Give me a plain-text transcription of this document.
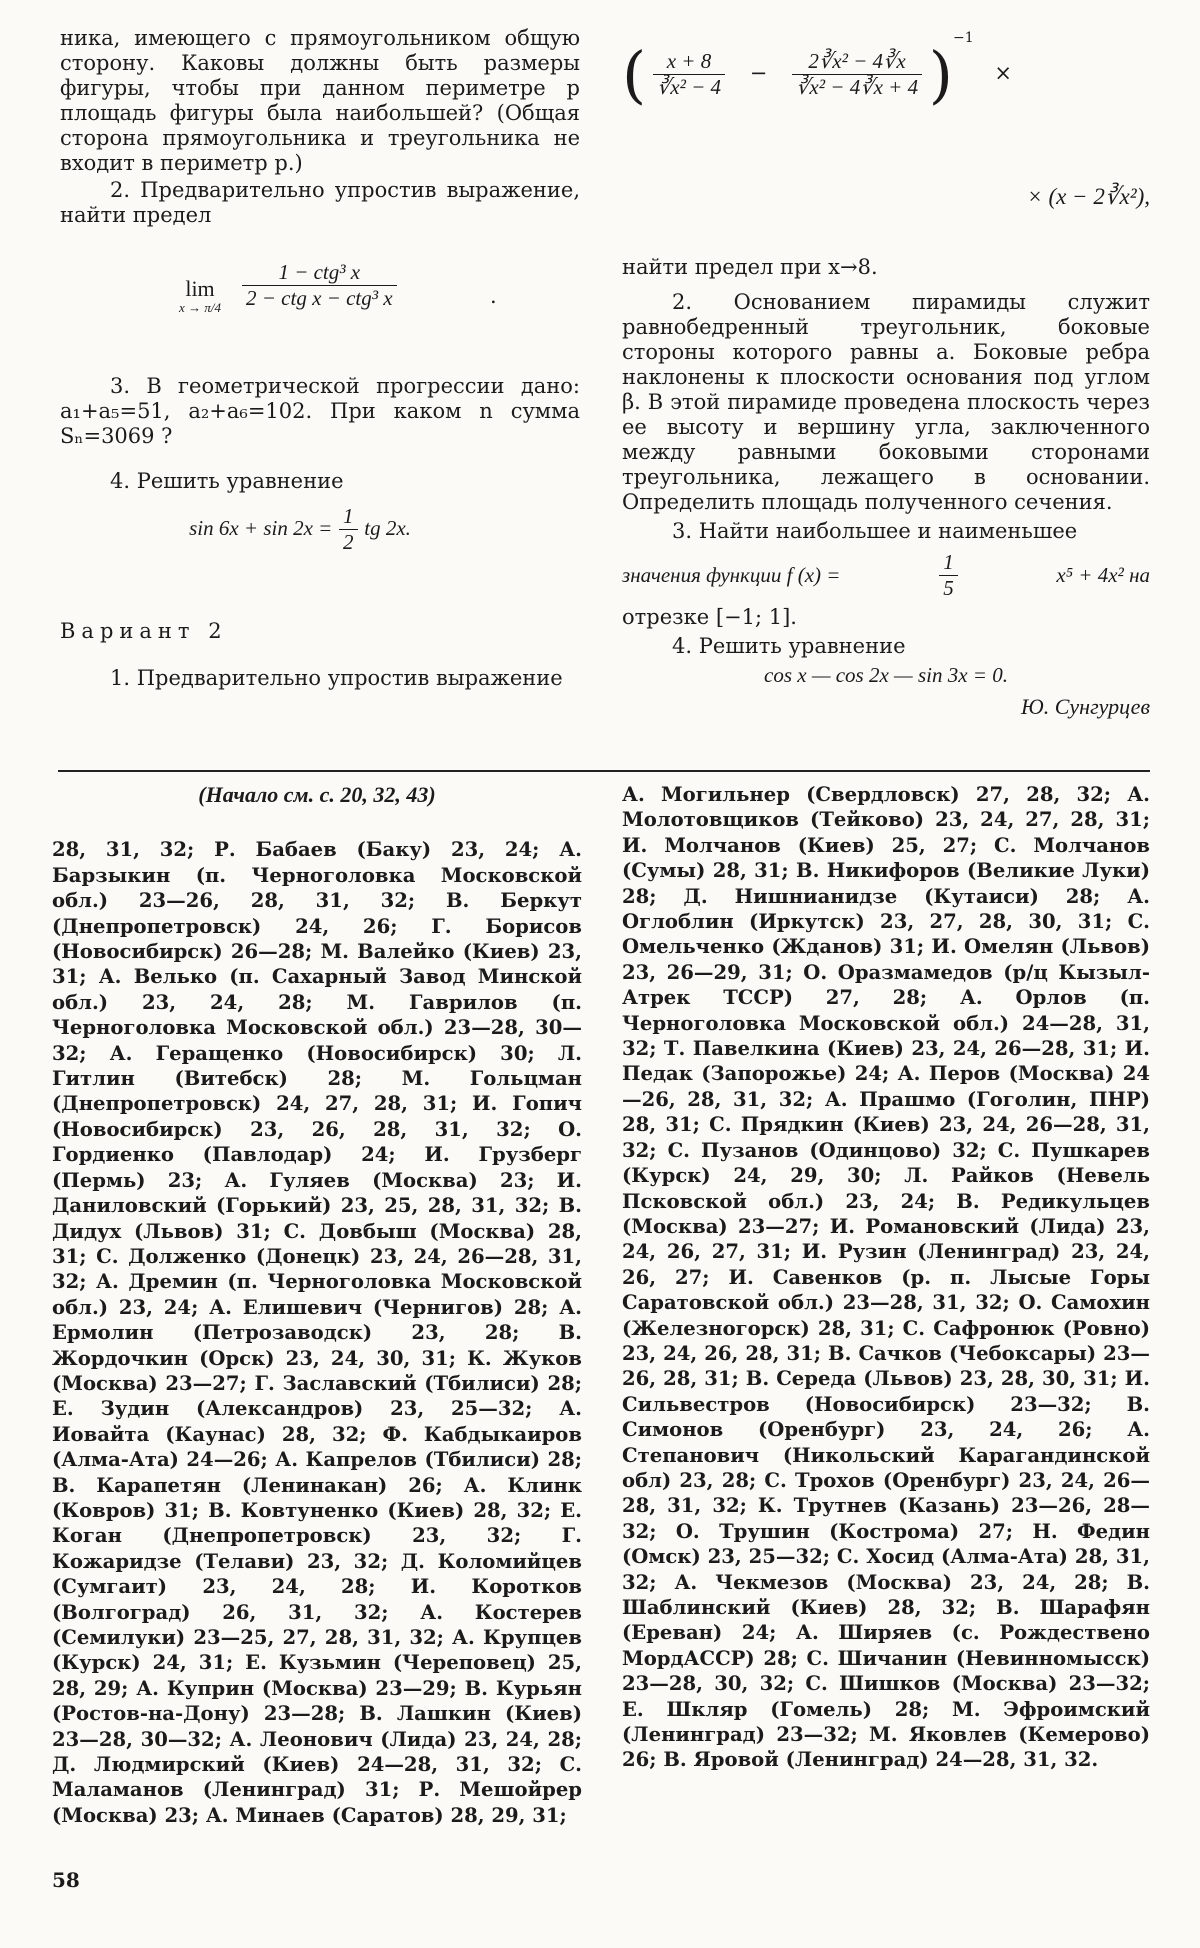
ника, имеющего с прямоугольником общую сторону. Каковы должны быть размеры фигуры, чтобы при данном периметре p площадь фигуры была наибольшей? (Общая сторона прямоугольника и треугольника не входит в периметр p.)

2. Предварительно упростив выражение, найти предел

lim
x → π/4
1 − ctg³ x
2 − ctg x − ctg³ x	.

3. В геометрической прогрессии дано: a₁+a₅=51, a₂+a₆=102. При каком n сумма Sₙ=3069 ?

4. Решить уравнение

$\sin 6x + \sin 2x = \frac{1}{2}$ tg 2x.

Вариант 2

1. Предварительно упростив выражение

( $\frac{x + 8}{\text{∛x² − 4}} - \frac{\text{2∛x² − 4∛x}}{\text{∛x² − 4∛x + 4}} )^{-1}$ ×
× (x − 2∛x²),

найти предел при x→8.

2. Основанием пирамиды служит равнобедренный треугольник, боковые стороны которого равны a. Боковые ребра наклонены к плоскости основания под углом β. В этой пирамиде проведена плоскость через ее высоту и вершину угла, заключенного между равными боковыми сторонами треугольника, лежащего в основании. Определить площадь полученного сечения.

3. Найти наибольшее и наименьшее

значения функции f (x) =	$\frac{1}{5}$	x⁵ + 4x² на

отрезке [−1; 1].

4. Решить уравнение

cos x — cos 2x — sin 3x = 0.
Ю. Сунгурцев
(Начало см. с. 20, 32, 43)
28, 31, 32; Р. Бабаев (Баку) 23, 24; А. Барзыкин (п. Черноголовка Московской обл.) 23—26, 28, 31, 32; В. Беркут (Днепропетровск) 24, 26; Г. Борисов (Новосибирск) 26—28; М. Валейко (Киев) 23, 31; А. Велько (п. Сахарный Завод Минской обл.) 23, 24, 28; М. Гаврилов (п. Черноголовка Московской обл.) 23—28, 30—32; А. Геращенко (Новосибирск) 30; Л. Гитлин (Витебск) 28; М. Гольцман (Днепропетровск) 24, 27, 28, 31; И. Гопич (Новосибирск) 23, 26, 28, 31, 32; О. Гордиенко (Павлодар) 24; И. Грузберг (Пермь) 23; А. Гуляев (Москва) 23; И. Даниловский (Горький) 23, 25, 28, 31, 32; В. Дидух (Львов) 31; С. Довбыш (Москва) 28, 31; С. Долженко (Донецк) 23, 24, 26—28, 31, 32; А. Дремин (п. Черноголовка Московской обл.) 23, 24; А. Елишевич (Чернигов) 28; А. Ермолин (Петрозаводск) 23, 28; В. Жордочкин (Орск) 23, 24, 30, 31; К. Жуков (Москва) 23—27; Г. Заславский (Тбилиси) 28; Е. Зудин (Александров) 23, 25—32; А. Иовайта (Каунас) 28, 32; Ф. Кабдыкаиров (Алма-Ата) 24—26; А. Капрелов (Тбилиси) 28; В. Карапетян (Ленинакан) 26; А. Клинк (Ковров) 31; В. Ковтуненко (Киев) 28, 32; Е. Коган (Днепропетровск) 23, 32; Г. Кожаридзе (Телави) 23, 32; Д. Коломийцев (Сумгаит) 23, 24, 28; И. Коротков (Волгоград) 26, 31, 32; А. Костерев (Семилуки) 23—25, 27, 28, 31, 32; А. Крупцев (Курск) 24, 31; Е. Кузьмин (Череповец) 25, 28, 29; А. Куприн (Москва) 23—29; В. Курьян (Ростов-на-Дону) 23—28; В. Лашкин (Киев) 23—28, 30—32; А. Леонович (Лида) 23, 24, 28; Д. Людмирский (Киев) 24—28, 31, 32; С. Маламанов (Ленинград) 31; Р. Мешойрер (Москва) 23; А. Минаев (Саратов) 28, 29, 31;
А. Могильнер (Свердловск) 27, 28, 32; А. Молотовщиков (Тейково) 23, 24, 27, 28, 31; И. Молчанов (Киев) 25, 27; С. Молчанов (Сумы) 28, 31; В. Никифоров (Великие Луки) 28; Д. Нишнианидзе (Кутаиси) 28; А. Оглоблин (Иркутск) 23, 27, 28, 30, 31; С. Омельченко (Жданов) 31; И. Омелян (Львов) 23, 26—29, 31; О. Оразмамедов (р/ц Кызыл-Атрек ТССР) 27, 28; А. Орлов (п. Черноголовка Московской обл.) 24—28, 31, 32; Т. Павелкина (Киев) 23, 24, 26—28, 31; И. Педак (Запорожье) 24; А. Перов (Москва) 24—26, 28, 31, 32; А. Прашмо (Гоголин, ПНР) 28, 31; С. Прядкин (Киев) 23, 24, 26—28, 31, 32; С. Пузанов (Одинцово) 32; С. Пушкарев (Курск) 24, 29, 30; Л. Райков (Невель Псковской обл.) 23, 24; В. Редикульцев (Москва) 23—27; И. Романовский (Лида) 23, 24, 26, 27, 31; И. Рузин (Ленинград) 23, 24, 26, 27; И. Савенков (р. п. Лысые Горы Саратовской обл.) 23—28, 31, 32; О. Самохин (Железногорск) 28, 31; С. Сафронюк (Ровно) 23, 24, 26, 28, 31; В. Сачков (Чебоксары) 23—26, 28, 31; В. Середа (Львов) 23, 28, 30, 31; И. Сильвестров (Новосибирск) 23—32; В. Симонов (Оренбург) 23, 24, 26; А. Степанович (Никольский Карагандинской обл) 23, 28; С. Трохов (Оренбург) 23, 24, 26—28, 31, 32; К. Трутнев (Казань) 23—26, 28—32; О. Трушин (Кострома) 27; Н. Федин (Омск) 23, 25—32; С. Хосид (Алма-Ата) 28, 31, 32; А. Чекмезов (Москва) 23, 24, 28; В. Шаблинский (Киев) 28, 32; В. Шарафян (Ереван) 24; А. Ширяев (с. Рождествено МордАССР) 28; С. Шичанин (Невинномысск) 23—28, 30, 32; С. Шишков (Москва) 23—32; Е. Шкляр (Гомель) 28; М. Эфроимский (Ленинград) 23—32; М. Яковлев (Кемерово) 26; В. Яровой (Ленинград) 24—28, 31, 32.
58
